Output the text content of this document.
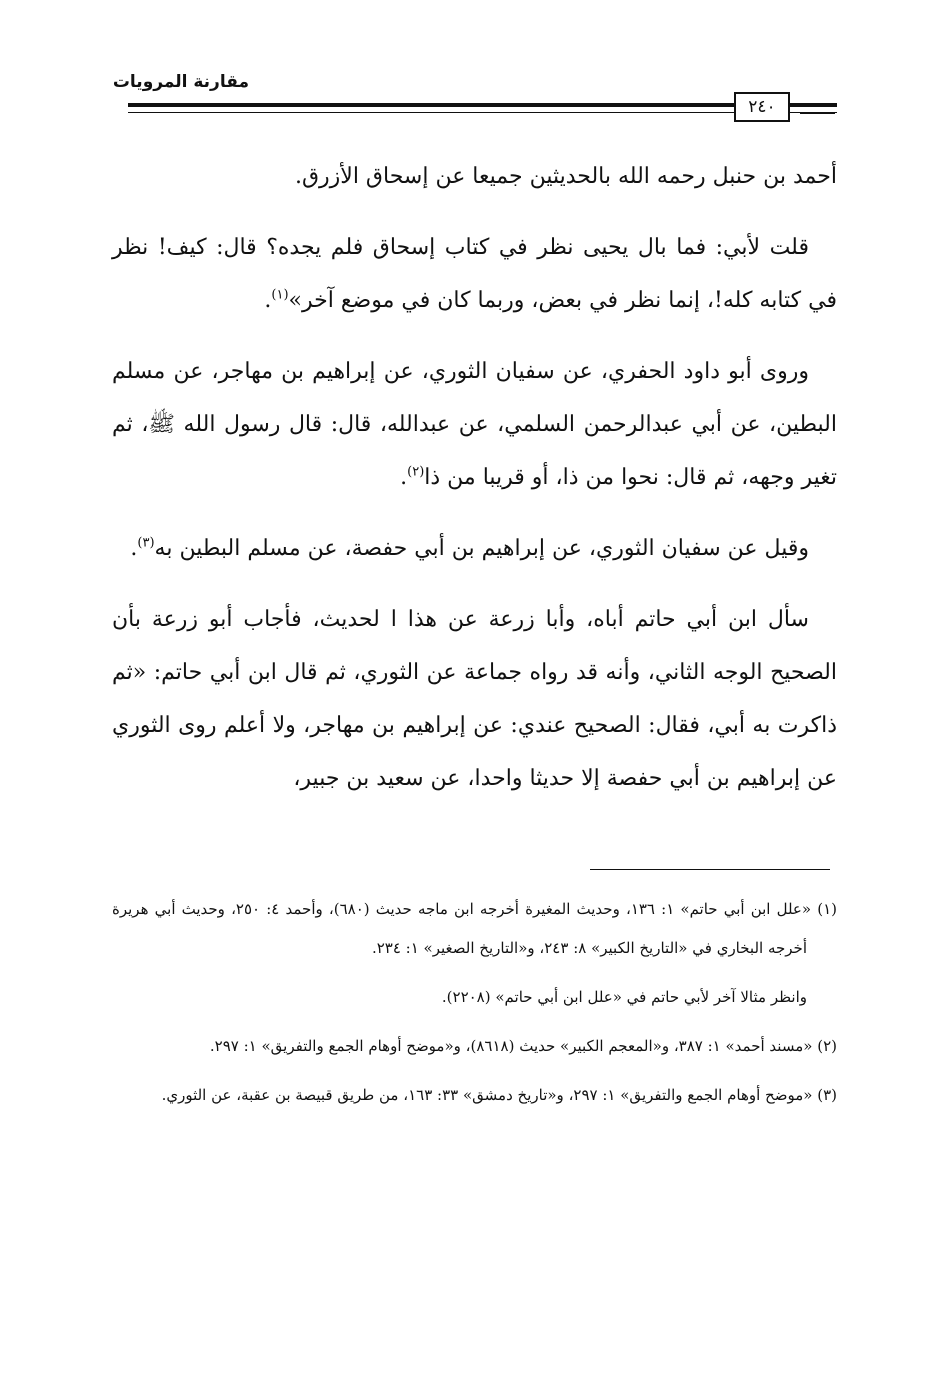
مقارنة المرويات
٢٤٠

أحمد بن حنبل رحمه الله بالحديثين جميعا عن إسحاق الأزرق.

قلت لأبي: فما بال يحيى نظر في كتاب إسحاق فلم يجده؟ قال: كيف! نظر في كتابه كله!، إنما نظر في بعض، وربما كان في موضع آخر»$^{(١)}$.

وروى أبو داود الحفري، عن سفيان الثوري، عن إبراهيم بن مهاجر، عن مسلم البطين، عن أبي عبدالرحمن السلمي، عن عبدالله، قال: قال رسول الله ﷺ، ثم تغير وجهه، ثم قال: نحوا من ذا، أو قريبا من ذا$^{(٢)}$.

وقيل عن سفيان الثوري، عن إبراهيم بن أبي حفصة، عن مسلم البطين به$^{(٣)}$.

سأل ابن أبي حاتم أباه، وأبا زرعة عن هذا ا لحديث، فأجاب أبو زرعة بأن الصحيح الوجه الثاني، وأنه قد رواه جماعة عن الثوري، ثم قال ابن أبي حاتم: «ثم ذاكرت به أبي، فقال: الصحيح عندي: عن إبراهيم بن مهاجر، ولا أعلم روى الثوري عن إبراهيم بن أبي حفصة إلا حديثا واحدا، عن سعيد بن جبير،

(١) «علل ابن أبي حاتم» ١: ١٣٦، وحديث المغيرة أخرجه ابن ماجه حديث (٦٨٠)، وأحمد ٤: ٢٥٠، وحديث أبي هريرة أخرجه البخاري في «التاريخ الكبير» ٨: ٢٤٣، و«التاريخ الصغير» ١: ٢٣٤.
وانظر مثالا آخر لأبي حاتم في «علل ابن أبي حاتم» (٢٢٠٨).
(٢) «مسند أحمد» ١: ٣٨٧، و«المعجم الكبير» حديث (٨٦١٨)، و«موضح أوهام الجمع والتفريق» ١: ٢٩٧.
(٣) «موضح أوهام الجمع والتفريق» ١: ٢٩٧، و«تاريخ دمشق» ٣٣: ١٦٣، من طريق قبيصة بن عقبة، عن الثوري.
